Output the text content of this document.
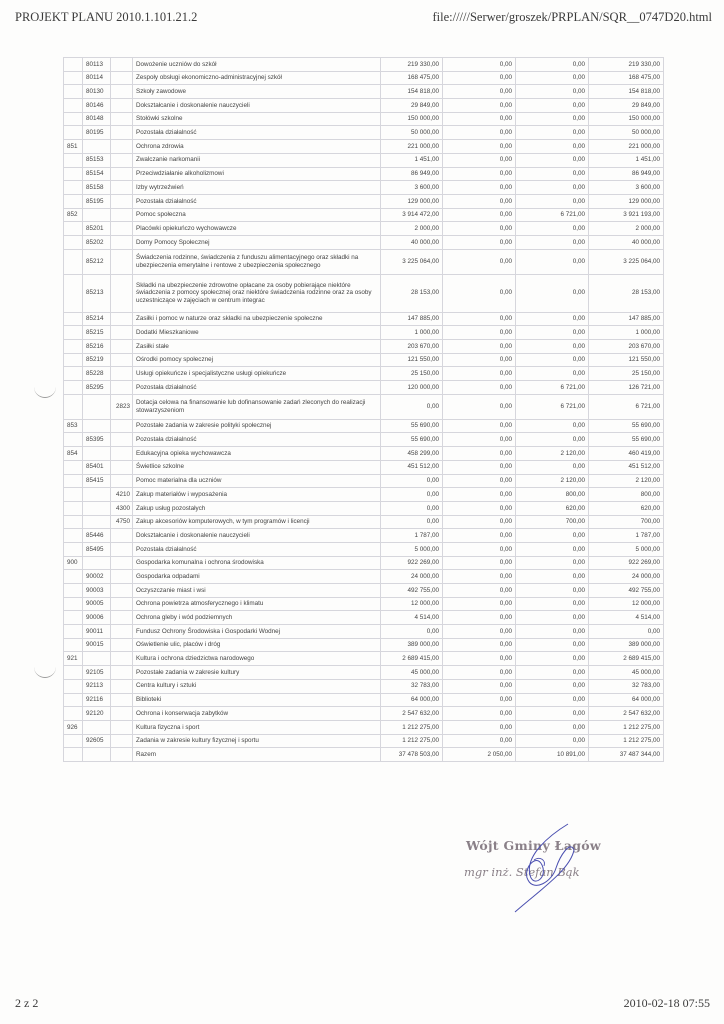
PROJEKT PLANU 2010.1.101.21.2	file://///Serwer/groszek/PRPLAN/SQR__0747D20.html
	80113		Dowożenie uczniów do szkół	219 330,00	0,00	0,00	219 330,00
	80114		Zespoły obsługi ekonomiczno-administracyjnej szkół	168 475,00	0,00	0,00	168 475,00
	80130		Szkoły zawodowe	154 818,00	0,00	0,00	154 818,00
	80146		Dokształcanie i doskonalenie nauczycieli	29 849,00	0,00	0,00	29 849,00
	80148		Stołówki szkolne	150 000,00	0,00	0,00	150 000,00
	80195		Pozostała działalność	50 000,00	0,00	0,00	50 000,00
851			Ochrona zdrowia	221 000,00	0,00	0,00	221 000,00
	85153		Zwalczanie narkomanii	1 451,00	0,00	0,00	1 451,00
	85154		Przeciwdziałanie alkoholizmowi	86 949,00	0,00	0,00	86 949,00
	85158		Izby wytrzeźwień	3 600,00	0,00	0,00	3 600,00
	85195		Pozostała działalność	129 000,00	0,00	0,00	129 000,00
852			Pomoc społeczna	3 914 472,00	0,00	6 721,00	3 921 193,00
	85201		Placówki opiekuńczo wychowawcze	2 000,00	0,00	0,00	2 000,00
	85202		Domy Pomocy Społecznej	40 000,00	0,00	0,00	40 000,00
	85212		Świadczenia rodzinne, świadczenia z funduszu alimentacyjnego oraz składki na ubezpieczenia emerytalne i rentowe z ubezpieczenia społecznego	3 225 064,00	0,00	0,00	3 225 064,00
	85213		Składki na ubezpieczenie zdrowotne opłacane za osoby pobierające niektóre świadczenia z pomocy społecznej oraz niektóre świadczenia rodzinne oraz za osoby uczestniczące w zajęciach w centrum integrac	28 153,00	0,00	0,00	28 153,00
	85214		Zasiłki i pomoc w naturze oraz składki na ubezpieczenie społeczne	147 885,00	0,00	0,00	147 885,00
	85215		Dodatki Mieszkaniowe	1 000,00	0,00	0,00	1 000,00
	85216		Zasiłki stałe	203 670,00	0,00	0,00	203 670,00
	85219		Ośrodki pomocy społecznej	121 550,00	0,00	0,00	121 550,00
	85228		Usługi opiekuńcze i specjalistyczne usługi opiekuńcze	25 150,00	0,00	0,00	25 150,00
	85295		Pozostała działalność	120 000,00	0,00	6 721,00	126 721,00
		2823	Dotacja celowa na finansowanie lub dofinansowanie zadań zleconych do realizacji stowarzyszeniom	0,00	0,00	6 721,00	6 721,00
853			Pozostałe zadania w zakresie polityki społecznej	55 690,00	0,00	0,00	55 690,00
	85395		Pozostała działalność	55 690,00	0,00	0,00	55 690,00
854			Edukacyjna opieka wychowawcza	458 299,00	0,00	2 120,00	460 419,00
	85401		Świetlice szkolne	451 512,00	0,00	0,00	451 512,00
	85415		Pomoc materialna dla uczniów	0,00	0,00	2 120,00	2 120,00
		4210	Zakup materiałów i wyposażenia	0,00	0,00	800,00	800,00
		4300	Zakup usług pozostałych	0,00	0,00	620,00	620,00
		4750	Zakup akcesoriów komputerowych, w tym programów i licencji	0,00	0,00	700,00	700,00
	85446		Dokształcanie i doskonalenie nauczycieli	1 787,00	0,00	0,00	1 787,00
	85495		Pozostała działalność	5 000,00	0,00	0,00	5 000,00
900			Gospodarka komunalna i ochrona środowiska	922 269,00	0,00	0,00	922 269,00
	90002		Gospodarka odpadami	24 000,00	0,00	0,00	24 000,00
	90003		Oczyszczanie miast i wsi	492 755,00	0,00	0,00	492 755,00
	90005		Ochrona powietrza atmosferycznego i klimatu	12 000,00	0,00	0,00	12 000,00
	90006		Ochrona gleby i wód podziemnych	4 514,00	0,00	0,00	4 514,00
	90011		Fundusz Ochrony Środowiska i Gospodarki Wodnej	0,00	0,00	0,00	0,00
	90015		Oświetlenie ulic, placów i dróg	389 000,00	0,00	0,00	389 000,00
921			Kultura i ochrona dziedzictwa narodowego	2 689 415,00	0,00	0,00	2 689 415,00
	92105		Pozostałe zadania w zakresie kultury	45 000,00	0,00	0,00	45 000,00
	92113		Centra kultury i sztuki	32 783,00	0,00	0,00	32 783,00
	92116		Biblioteki	64 000,00	0,00	0,00	64 000,00
	92120		Ochrona i konserwacja zabytków	2 547 632,00	0,00	0,00	2 547 632,00
926			Kultura fizyczna i sport	1 212 275,00	0,00	0,00	1 212 275,00
	92605		Zadania w zakresie kultury fizycznej i sportu	1 212 275,00	0,00	0,00	1 212 275,00
			Razem	37 478 503,00	2 050,00	10 891,00	37 487 344,00
Wójt Gminy Łagów
mgr inż. Stefan Bąk
2 z 2	2010-02-18 07:55
